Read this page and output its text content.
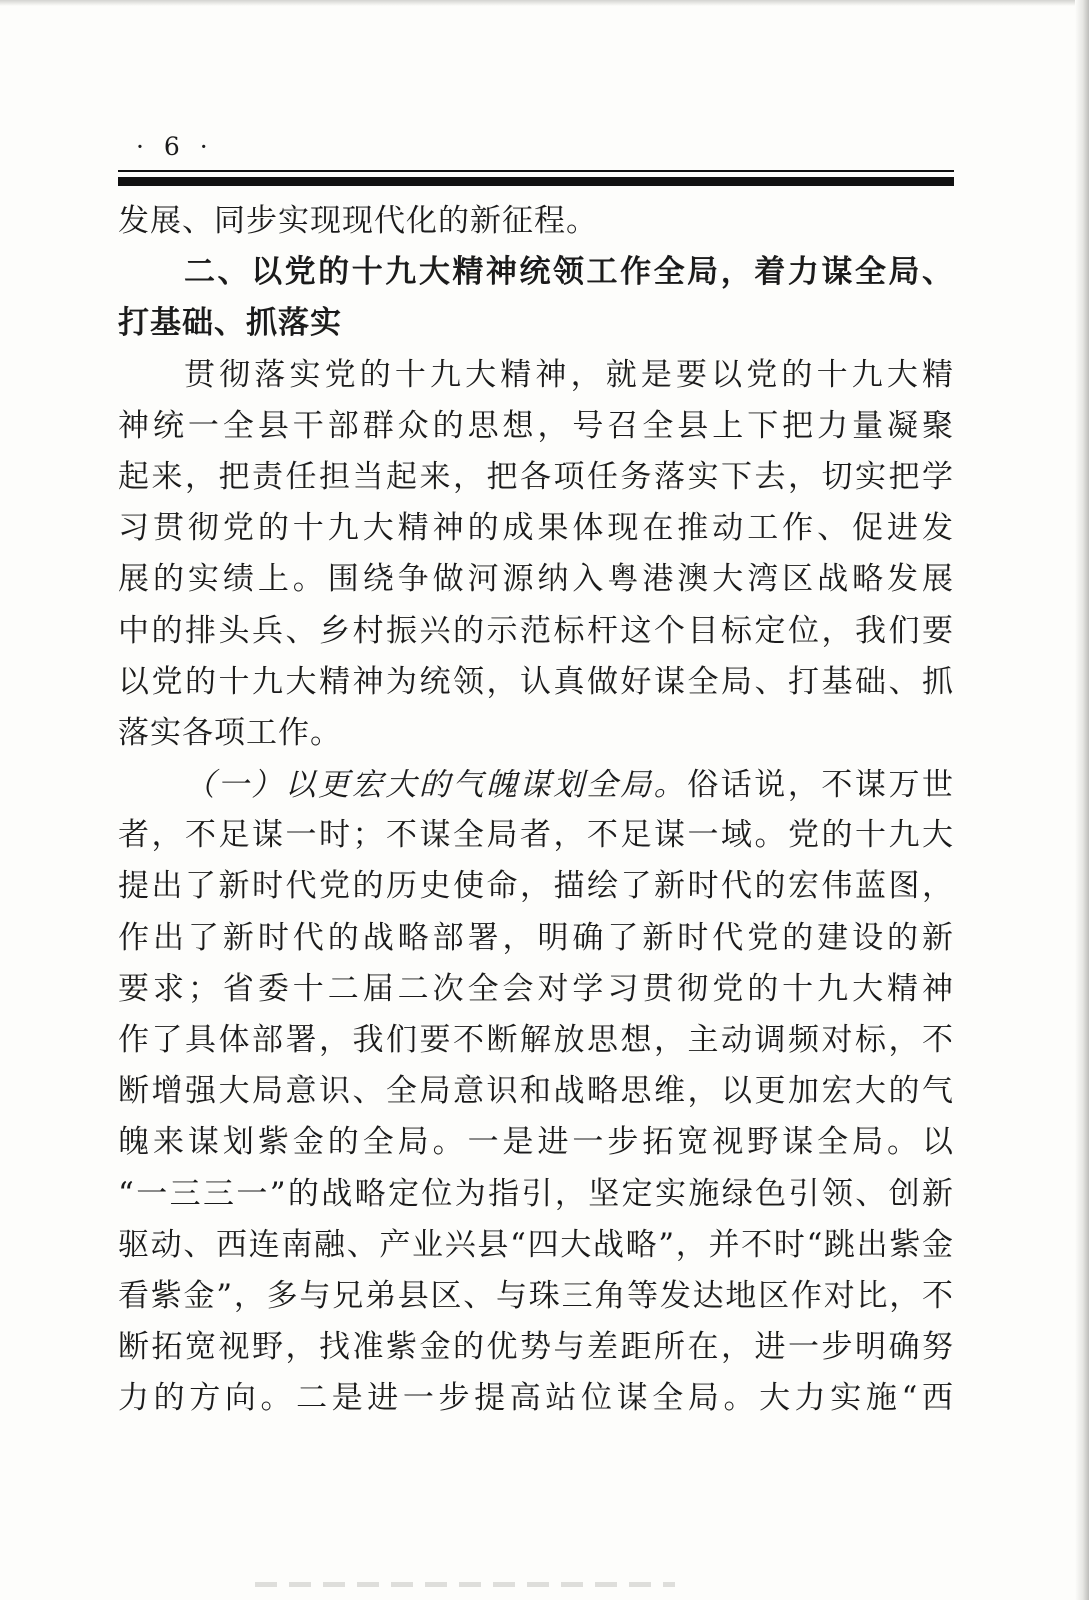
· 6 ·
发展、同步实现现代化的新征程。
二、以党的十九大精神统领工作全局，着力谋全局、
打基础、抓落实
贯彻落实党的十九大精神，就是要以党的十九大精
神统一全县干部群众的思想，号召全县上下把力量凝聚
起来，把责任担当起来，把各项任务落实下去，切实把学
习贯彻党的十九大精神的成果体现在推动工作、促进发
展的实绩上。围绕争做河源纳入粤港澳大湾区战略发展
中的排头兵、乡村振兴的示范标杆这个目标定位，我们要
以党的十九大精神为统领，认真做好谋全局、打基础、抓
落实各项工作。
（一）以更宏大的气魄谋划全局。俗话说，不谋万世
者，不足谋一时；不谋全局者，不足谋一域。党的十九大
提出了新时代党的历史使命，描绘了新时代的宏伟蓝图，
作出了新时代的战略部署，明确了新时代党的建设的新
要求；省委十二届二次全会对学习贯彻党的十九大精神
作了具体部署，我们要不断解放思想，主动调频对标，不
断增强大局意识、全局意识和战略思维，以更加宏大的气
魄来谋划紫金的全局。一是进一步拓宽视野谋全局。以
“一三三一”的战略定位为指引，坚定实施绿色引领、创新
驱动、西连南融、产业兴县“四大战略”，并不时“跳出紫金
看紫金”，多与兄弟县区、与珠三角等发达地区作对比，不
断拓宽视野，找准紫金的优势与差距所在，进一步明确努
力的方向。二是进一步提高站位谋全局。大力实施“西
